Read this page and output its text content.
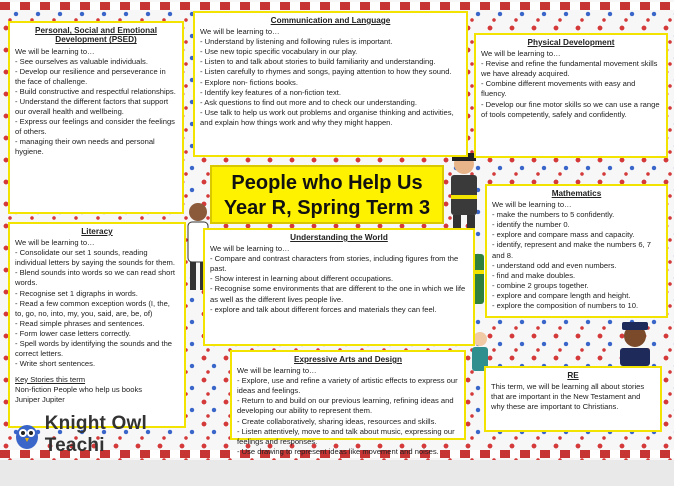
Personal, Social and Emotional Development (PSED)

We will be learning to…

- See ourselves as valuable individuals.
- Develop our resilience and perseverance in the face of challenge.
- Build constructive and respectful relationships.
- Understand the different factors that support our overall health and wellbeing.
- Express our feelings and consider the feelings of others.
- managing their own needs and personal hygiene.
Communication and Language

We will be learning to…

- Understand by listening and following rules is important.
- Use new topic specific vocabulary in our play.
- Listen to and talk about stories to build familiarity and understanding.
- Listen carefully to rhymes and songs, paying attention to how they sound.
- Explore non- fictions books.
- Identify key features of a non-fiction text.
- Ask questions to find out more and to check our understanding.
- Use talk to help us work out problems and organise thinking and activities, and explain how things work and why they might happen.
Physical Development

We will be learning to…

- Revise and refine the fundamental movement skills we have already acquired.
- Combine different movements with easy and fluency.
- Develop our fine motor skills so we can use a range of tools competently, safely and confidently.
People who Help Us
Year R, Spring Term 3
Mathematics

We will be learning to…

- make the numbers to 5 confidently.
- identify the number 0.
- explore and compare mass and capacity.
- identify, represent and make the numbers 6, 7 and 8.
- understand odd and even numbers.
- find and make doubles.
- combine 2 groups together.
- explore and compare length and height.
- explore the composition of numbers to 10.
Literacy

We will be learning to…

- Consolidate our set 1 sounds, reading individual letters by saying the sounds for them.
- Blend sounds into words so we can read short words.
- Recognise set 1 digraphs in words.
- Read a few common exception words (I, the, to, go, no, into, my, you, said, are, be, of)
- Read simple phrases and sentences.
- Form lower case letters correctly.
- Spell words by identifying the sounds and the correct letters.
- Write short sentences.
Key Stories this term
Non-fiction People who help us books
Juniper Jupiter
Understanding the World

We will be learning to…

- Compare and contrast characters from stories, including figures from the past.
- Show interest in learning about different occupations.
- Recognise some environments that are different to the one in which we life as well as the different lives people live.
- explore and talk about different forces and materials they can feel.
Expressive Arts and Design

We will be learning to…

- Explore, use and refine a variety of artistic effects to express our ideas and feelings.
- Return to and build on our previous learning, refining ideas and developing our ability to represent them.
- Create collaboratively, sharing ideas, resources and skills.
- Listen attentively, move to and talk about music, expressing our feelings and responses.
- Use drawing to represent ideas like movement and noises.
RE

This term, we will be learning all about stories that are important in the New Testament and why these are important to Christians.

Knight Owl Teachi
